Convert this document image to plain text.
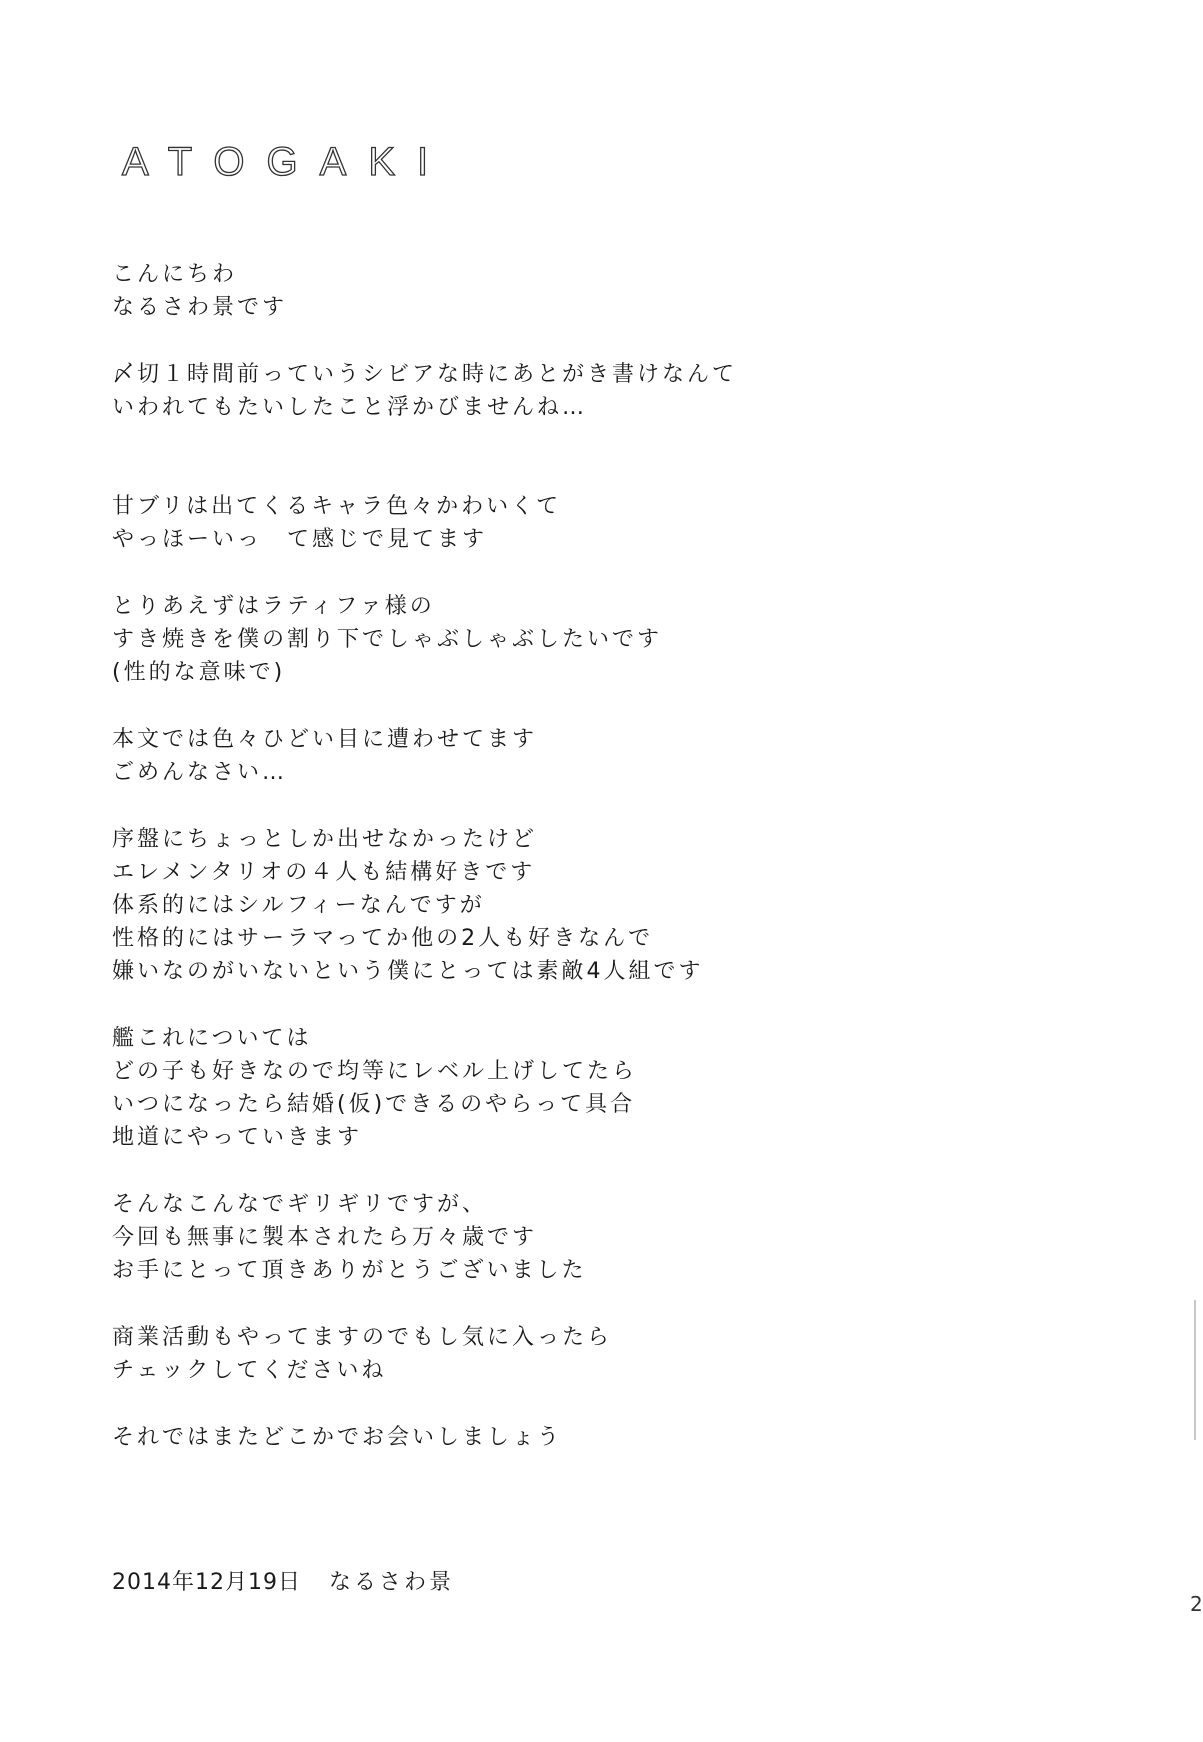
ATOGAKI
こんにちわ
なるさわ景です
〆切１時間前っていうシビアな時にあとがき書けなんて
いわれてもたいしたこと浮かびませんね…
甘ブリは出てくるキャラ色々かわいくて
やっほーいっ　て感じで見てます
とりあえずはラティファ様の
すき焼きを僕の割り下でしゃぶしゃぶしたいです
(性的な意味で)
本文では色々ひどい目に遭わせてます
ごめんなさい…
序盤にちょっとしか出せなかったけど
エレメンタリオの４人も結構好きです
体系的にはシルフィーなんですが
性格的にはサーラマってか他の2人も好きなんで
嫌いなのがいないという僕にとっては素敵4人組です
艦これについては
どの子も好きなので均等にレベル上げしてたら
いつになったら結婚(仮)できるのやらって具合
地道にやっていきます
そんなこんなでギリギリですが、
今回も無事に製本されたら万々歳です
お手にとって頂きありがとうございました
商業活動もやってますのでもし気に入ったら
チェックしてくださいね
それではまたどこかでお会いしましょう
2014年12月19日 なるさわ景
2
